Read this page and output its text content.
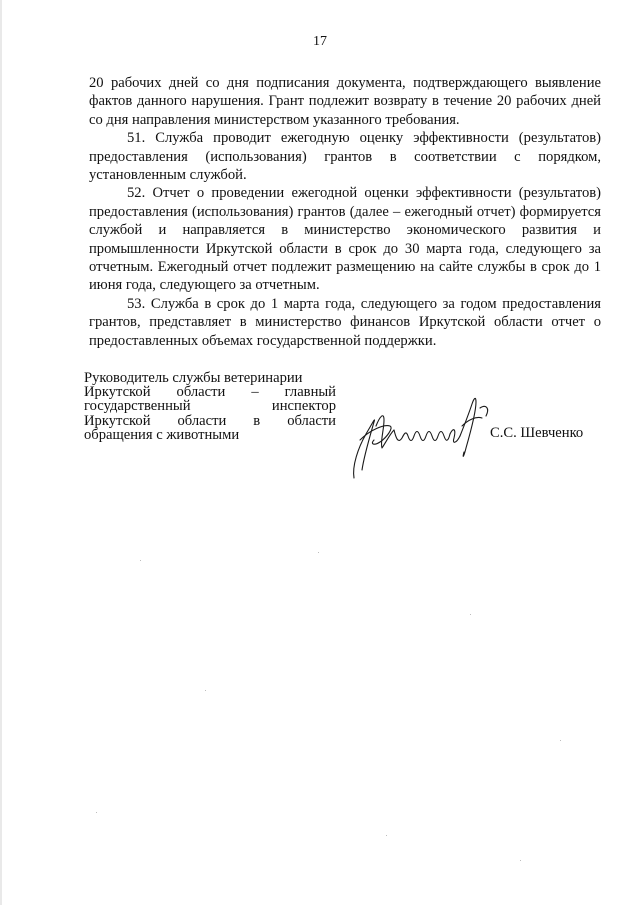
17

20 рабочих дней со дня подписания документа, подтверждающего выявление фактов данного нарушения. Грант подлежит возврату в течение 20 рабочих дней со дня направления министерством указанного требования.

51. Служба проводит ежегодную оценку эффективности (результатов) предоставления (использования) грантов в соответствии с порядком, установленным службой.

52. Отчет о проведении ежегодной оценки эффективности (результатов) предоставления (использования) грантов (далее – ежегодный отчет) формируется службой и направляется в министерство экономического развития и промышленности Иркутской области в срок до 30 марта года, следующего за отчетным. Ежегодный отчет подлежит размещению на сайте службы в срок до 1 июня года, следующего за отчетным.

53. Служба в срок до 1 марта года, следующего за годом предоставления грантов, представляет в министерство финансов Иркутской области отчет о предоставленных объемах государственной поддержки.

Руководитель службы ветеринарии
Иркутской области – главный
государственный инспектор
Иркутской области в области
обращения с животными	С.С. Шевченко
